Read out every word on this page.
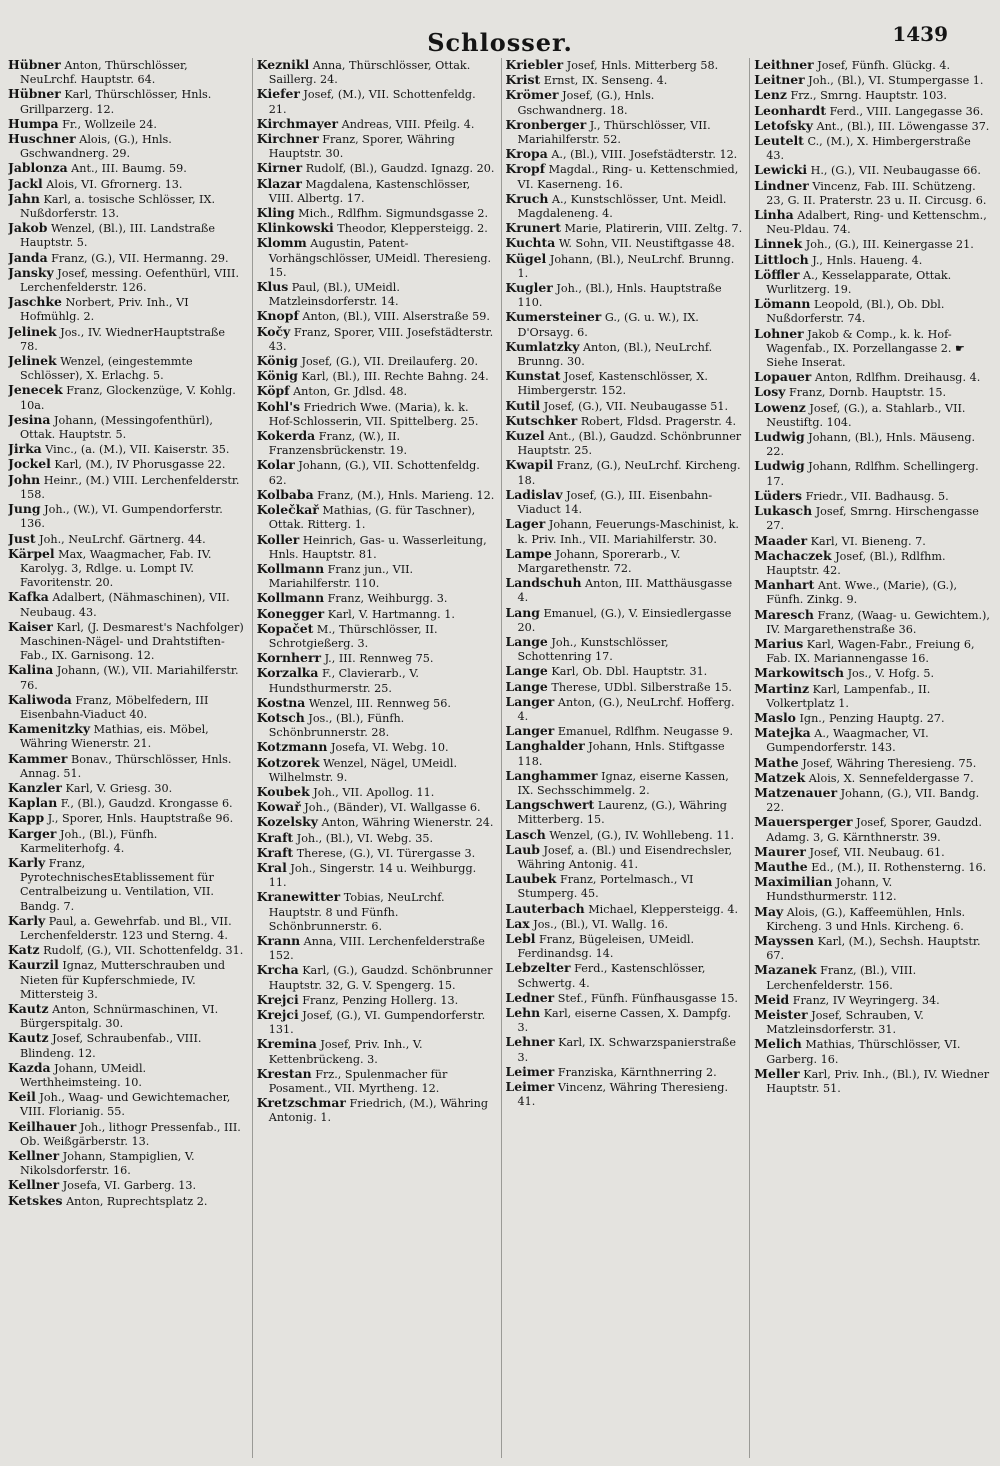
Schlosser.	1439

Hübner Anton, Thürschlösser, NeuLrchf. Hauptstr. 64.

Hübner Karl, Thürschlösser, Hnls. Grillparzerg. 12.

Humpa Fr., Wollzeile 24.

Huschner Alois, (G.), Hnls. Gschwandnerg. 29.

Jablonza Ant., III. Baumg. 59.

Jackl Alois, VI. Gfrornerg. 13.

Jahn Karl, a. tosische Schlösser, IX. Nußdorferstr. 13.

Jakob Wenzel, (Bl.), III. Landstraße Hauptstr. 5.

Janda Franz, (G.), VII. Hermanng. 29.

Jansky Josef, messing. Oefenthürl, VIII. Lerchenfelderstr. 126.

Jaschke Norbert, Priv. Inh., VI Hofmühlg. 2.

Jelinek Jos., IV. WiednerHauptstraße 78.

Jelinek Wenzel, (eingestemmte Schlösser), X. Erlachg. 5.

Jenecek Franz, Glockenzüge, V. Kohlg. 10a.

Jesina Johann, (Messingofenthürl), Ottak. Hauptstr. 5.

Jirka Vinc., (a. (M.), VII. Kaiserstr. 35.

Jockel Karl, (M.), IV Phorusgasse 22.

John Heinr., (M.) VIII. Lerchenfelderstr. 158.

Jung Joh., (W.), VI. Gumpendorferstr. 136.

Just Joh., NeuLrchf. Gärtnerg. 44.

Kärpel Max, Waagmacher, Fab. IV. Karolyg. 3, Rdlge. u. Lompt IV. Favoritenstr. 20.

Kafka Adalbert, (Nähmaschinen), VII. Neubaug. 43.

Kaiser Karl, (J. Desmarest's Nachfolger) Maschinen-Nägel- und Drahtstiften-Fab., IX. Garnisong. 12.

Kalina Johann, (W.), VII. Mariahilferstr. 76.

Kaliwoda Franz, Möbelfedern, III Eisenbahn-Viaduct 40.

Kamenitzky Mathias, eis. Möbel, Währing Wienerstr. 21.

Kammer Bonav., Thürschlösser, Hnls. Annag. 51.

Kanzler Karl, V. Griesg. 30.

Kaplan F., (Bl.), Gaudzd. Krongasse 6.

Kapp J., Sporer, Hnls. Hauptstraße 96.

Karger Joh., (Bl.), Fünfh. Karmeliterhofg. 4.

Karly Franz, PyrotechnischesEtablissement für Centralbeizung u. Ventilation, VII. Bandg. 7.

Karly Paul, a. Gewehrfab. und Bl., VII. Lerchenfelderstr. 123 und Sterng. 4.

Katz Rudolf, (G.), VII. Schottenfeldg. 31.

Kaurzil Ignaz, Mutterschrauben und Nieten für Kupferschmiede, IV. Mittersteig 3.

Kautz Anton, Schnürmaschinen, VI. Bürgerspitalg. 30.

Kautz Josef, Schraubenfab., VIII. Blindeng. 12.

Kazda Johann, UMeidl. Werthheimsteing. 10.

Keil Joh., Waag- und Gewichtemacher, VIII. Florianig. 55.

Keilhauer Joh., lithogr Pressenfab., III. Ob. Weißgärberstr. 13.

Kellner Johann, Stampiglien, V. Nikolsdorferstr. 16.

Kellner Josefa, VI. Garberg. 13.

Ketskes Anton, Ruprechtsplatz 2.

Keznikl Anna, Thürschlösser, Ottak. Saillerg. 24.

Kiefer Josef, (M.), VII. Schottenfeldg. 21.

Kirchmayer Andreas, VIII. Pfeilg. 4.

Kirchner Franz, Sporer, Währing Hauptstr. 30.

Kirner Rudolf, (Bl.), Gaudzd. Ignazg. 20.

Klazar Magdalena, Kastenschlösser, VIII. Albertg. 17.

Kling Mich., Rdlfhm. Sigmundsgasse 2.

Klinkowski Theodor, Kleppersteigg. 2.

Klomm Augustin, Patent-Vorhängschlösser, UMeidl. Theresieng. 15.

Klus Paul, (Bl.), UMeidl. Matzleinsdorferstr. 14.

Knopf Anton, (Bl.), VIII. Alserstraße 59.

Kočy Franz, Sporer, VIII. Josefstädterstr. 43.

König Josef, (G.), VII. Dreilauferg. 20.

König Karl, (Bl.), III. Rechte Bahng. 24.

Köpf Anton, Gr. Jdlsd. 48.

Kohl's Friedrich Wwe. (Maria), k. k. Hof-Schlosserin, VII. Spittelberg. 25.

Kokerda Franz, (W.), II. Franzensbrückenstr. 19.

Kolar Johann, (G.), VII. Schottenfeldg. 62.

Kolbaba Franz, (M.), Hnls. Marieng. 12.

Kolečkař Mathias, (G. für Taschner), Ottak. Ritterg. 1.

Koller Heinrich, Gas- u. Wasserleitung, Hnls. Hauptstr. 81.

Kollmann Franz jun., VII. Mariahilferstr. 110.

Kollmann Franz, Weihburgg. 3.

Konegger Karl, V. Hartmanng. 1.

Kopačet M., Thürschlösser, II. Schrotgießerg. 3.

Kornherr J., III. Rennweg 75.

Korzalka F., Clavierarb., V. Hundsthurmerstr. 25.

Kostna Wenzel, III. Rennweg 56.

Kotsch Jos., (Bl.), Fünfh. Schönbrunnerstr. 28.

Kotzmann Josefa, VI. Webg. 10.

Kotzorek Wenzel, Nägel, UMeidl. Wilhelmstr. 9.

Koubek Joh., VII. Apollog. 11.

Kowař Joh., (Bänder), VI. Wallgasse 6.

Kozelsky Anton, Währing Wienerstr. 24.

Kraft Joh., (Bl.), VI. Webg. 35.

Kraft Therese, (G.), VI. Türergasse 3.

Kral Joh., Singerstr. 14 u. Weihburgg. 11.

Kranewitter Tobias, NeuLrchf. Hauptstr. 8 und Fünfh. Schönbrunnerstr. 6.

Krann Anna, VIII. Lerchenfelderstraße 152.

Krcha Karl, (G.), Gaudzd. Schönbrunner Hauptstr. 32, G. V. Spengerg. 15.

Krejci Franz, Penzing Hollerg. 13.

Krejci Josef, (G.), VI. Gumpendorferstr. 131.

Kremina Josef, Priv. Inh., V. Kettenbrückeng. 3.

Krestan Frz., Spulenmacher für Posament., VII. Myrtheng. 12.

Kretzschmar Friedrich, (M.), Währing Antonig. 1.

Kriebler Josef, Hnls. Mitterberg 58.

Krist Ernst, IX. Senseng. 4.

Krömer Josef, (G.), Hnls. Gschwandnerg. 18.

Kronberger J., Thürschlösser, VII. Mariahilferstr. 52.

Kropa A., (Bl.), VIII. Josefstädterstr. 12.

Kropf Magdal., Ring- u. Kettenschmied, VI. Kaserneng. 16.

Kruch A., Kunstschlösser, Unt. Meidl. Magdaleneng. 4.

Krunert Marie, Platirerin, VIII. Zeltg. 7.

Kuchta W. Sohn, VII. Neustiftgasse 48.

Kügel Johann, (Bl.), NeuLrchf. Brunng. 1.

Kugler Joh., (Bl.), Hnls. Hauptstraße 110.

Kumersteiner G., (G. u. W.), IX. D'Orsayg. 6.

Kumlatzky Anton, (Bl.), NeuLrchf. Brunng. 30.

Kunstat Josef, Kastenschlösser, X. Himbergerstr. 152.

Kutil Josef, (G.), VII. Neubaugasse 51.

Kutschker Robert, Fldsd. Pragerstr. 4.

Kuzel Ant., (Bl.), Gaudzd. Schönbrunner Hauptstr. 25.

Kwapil Franz, (G.), NeuLrchf. Kircheng. 18.

Ladislav Josef, (G.), III. Eisenbahn-Viaduct 14.

Lager Johann, Feuerungs-Maschinist, k. k. Priv. Inh., VII. Mariahilferstr. 30.

Lampe Johann, Sporerarb., V. Margarethenstr. 72.

Landschuh Anton, III. Matthäusgasse 4.

Lang Emanuel, (G.), V. Einsiedlergasse 20.

Lange Joh., Kunstschlösser, Schottenring 17.

Lange Karl, Ob. Dbl. Hauptstr. 31.

Lange Therese, UDbl. Silberstraße 15.

Langer Anton, (G.), NeuLrchf. Hofferg. 4.

Langer Emanuel, Rdlfhm. Neugasse 9.

Langhalder Johann, Hnls. Stiftgasse 118.

Langhammer Ignaz, eiserne Kassen, IX. Sechsschimmelg. 2.

Langschwert Laurenz, (G.), Währing Mitterberg. 15.

Lasch Wenzel, (G.), IV. Wohllebeng. 11.

Laub Josef, a. (Bl.) und Eisendrechsler, Währing Antonig. 41.

Laubek Franz, Portelmasch., VI Stumperg. 45.

Lauterbach Michael, Kleppersteigg. 4.

Lax Jos., (Bl.), VI. Wallg. 16.

Lebl Franz, Bügeleisen, UMeidl. Ferdinandsg. 14.

Lebzelter Ferd., Kastenschlösser, Schwertg. 4.

Ledner Stef., Fünfh. Fünfhausgasse 15.

Lehn Karl, eiserne Cassen, X. Dampfg. 3.

Lehner Karl, IX. Schwarzspanierstraße 3.

Leimer Franziska, Kärnthnerring 2.

Leimer Vincenz, Währing Theresieng. 41.

Leithner Josef, Fünfh. Glückg. 4.

Leitner Joh., (Bl.), VI. Stumpergasse 1.

Lenz Frz., Smrng. Hauptstr. 103.

Leonhardt Ferd., VIII. Langegasse 36.

Letofsky Ant., (Bl.), III. Löwengasse 37.

Leutelt C., (M.), X. Himbergerstraße 43.

Lewicki H., (G.), VII. Neubaugasse 66.

Lindner Vincenz, Fab. III. Schützeng. 23, G. II. Praterstr. 23 u. II. Circusg. 6.

Linha Adalbert, Ring- und Kettenschm., Neu-Pldau. 74.

Linnek Joh., (G.), III. Keinergasse 21.

Littloch J., Hnls. Haueng. 4.

Löffler A., Kesselapparate, Ottak. Wurlitzerg. 19.

Lömann Leopold, (Bl.), Ob. Dbl. Nußdorferstr. 74.

Lohner Jakob & Comp., k. k. Hof-Wagenfab., IX. Porzellangasse 2. ☛ Siehe Inserat.

Lopauer Anton, Rdlfhm. Dreihausg. 4.

Losy Franz, Dornb. Hauptstr. 15.

Lowenz Josef, (G.), a. Stahlarb., VII. Neustiftg. 104.

Ludwig Johann, (Bl.), Hnls. Mäuseng. 22.

Ludwig Johann, Rdlfhm. Schellingerg. 17.

Lüders Friedr., VII. Badhausg. 5.

Lukasch Josef, Smrng. Hirschengasse 27.

Maader Karl, VI. Bieneng. 7.

Machaczek Josef, (Bl.), Rdlfhm. Hauptstr. 42.

Manhart Ant. Wwe., (Marie), (G.), Fünfh. Zinkg. 9.

Maresch Franz, (Waag- u. Gewichtem.), IV. Margarethenstraße 36.

Marius Karl, Wagen-Fabr., Freiung 6, Fab. IX. Mariannengasse 16.

Markowitsch Jos., V. Hofg. 5.

Martinz Karl, Lampenfab., II. Volkertplatz 1.

Maslo Ign., Penzing Hauptg. 27.

Matejka A., Waagmacher, VI. Gumpendorferstr. 143.

Mathe Josef, Währing Theresieng. 75.

Matzek Alois, X. Sennefeldergasse 7.

Matzenauer Johann, (G.), VII. Bandg. 22.

Mauersperger Josef, Sporer, Gaudzd. Adamg. 3, G. Kärnthnerstr. 39.

Maurer Josef, VII. Neubaug. 61.

Mauthe Ed., (M.), II. Rothensterng. 16.

Maximilian Johann, V. Hundsthurmerstr. 112.

May Alois, (G.), Kaffeemühlen, Hnls. Kircheng. 3 und Hnls. Kircheng. 6.

Mayssen Karl, (M.), Sechsh. Hauptstr. 67.

Mazanek Franz, (Bl.), VIII. Lerchenfelderstr. 156.

Meid Franz, IV Weyringerg. 34.

Meister Josef, Schrauben, V. Matzleinsdorferstr. 31.

Melich Mathias, Thürschlösser, VI. Garberg. 16.

Meller Karl, Priv. Inh., (Bl.), IV. Wiedner Hauptstr. 51.
